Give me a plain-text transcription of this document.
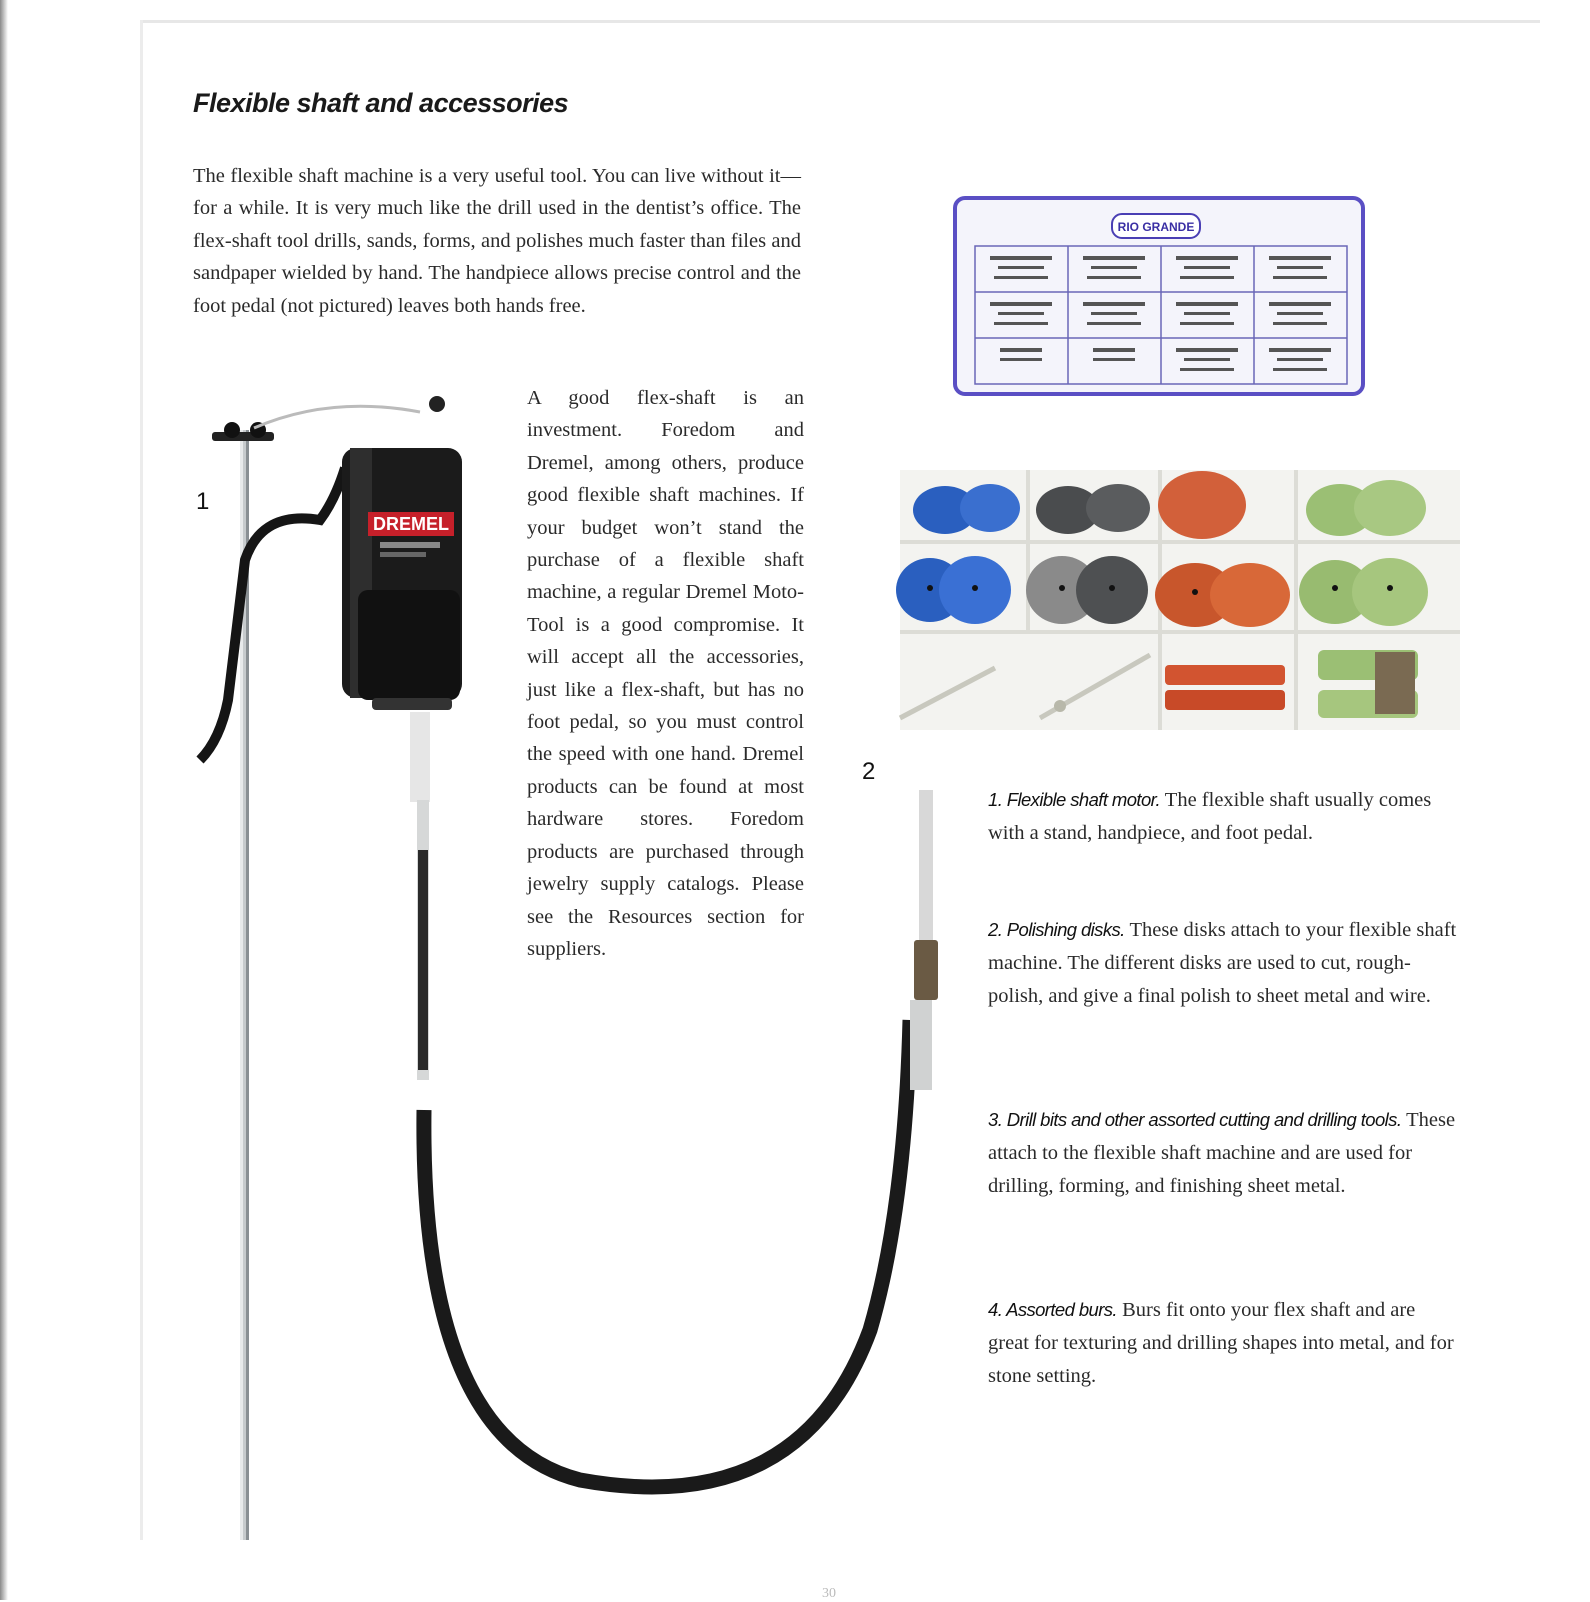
DREMEL
RIO GRANDE
Flexible shaft and accessories
The flexible shaft machine is a very useful tool. You can live without it—for a while. It is very much like the drill used in the dentist’s office. The flex-shaft tool drills, sands, forms, and polishes much faster than files and sandpaper wielded by hand. The handpiece allows precise control and the foot pedal (not pictured) leaves both hands free.
A good flex-shaft is an investment. Foredom and Dremel, among others, produce good flexible shaft machines. If your budget won’t stand the purchase of a flexible shaft machine, a regular Dremel Moto-Tool is a good compromise. It will accept all the accessories, just like a flex-shaft, but has no foot pedal, so you must control the speed with one hand. Dremel products can be found at most hardware stores. Foredom products are purchased through jewelry supply catalogs. Please see the Resources section for suppliers.
1
2
1. Flexible shaft motor. The flexible shaft usually comes with a stand, handpiece, and foot pedal.
2. Polishing disks. These disks attach to your flexible shaft machine. The different disks are used to cut, rough-polish, and give a final polish to sheet metal and wire.
3. Drill bits and other assorted cutting and drilling tools. These attach to the flexible shaft machine and are used for drilling, forming, and finishing sheet metal.
4. Assorted burs. Burs fit onto your flex shaft and are great for texturing and drilling shapes into metal, and for stone setting.
30
